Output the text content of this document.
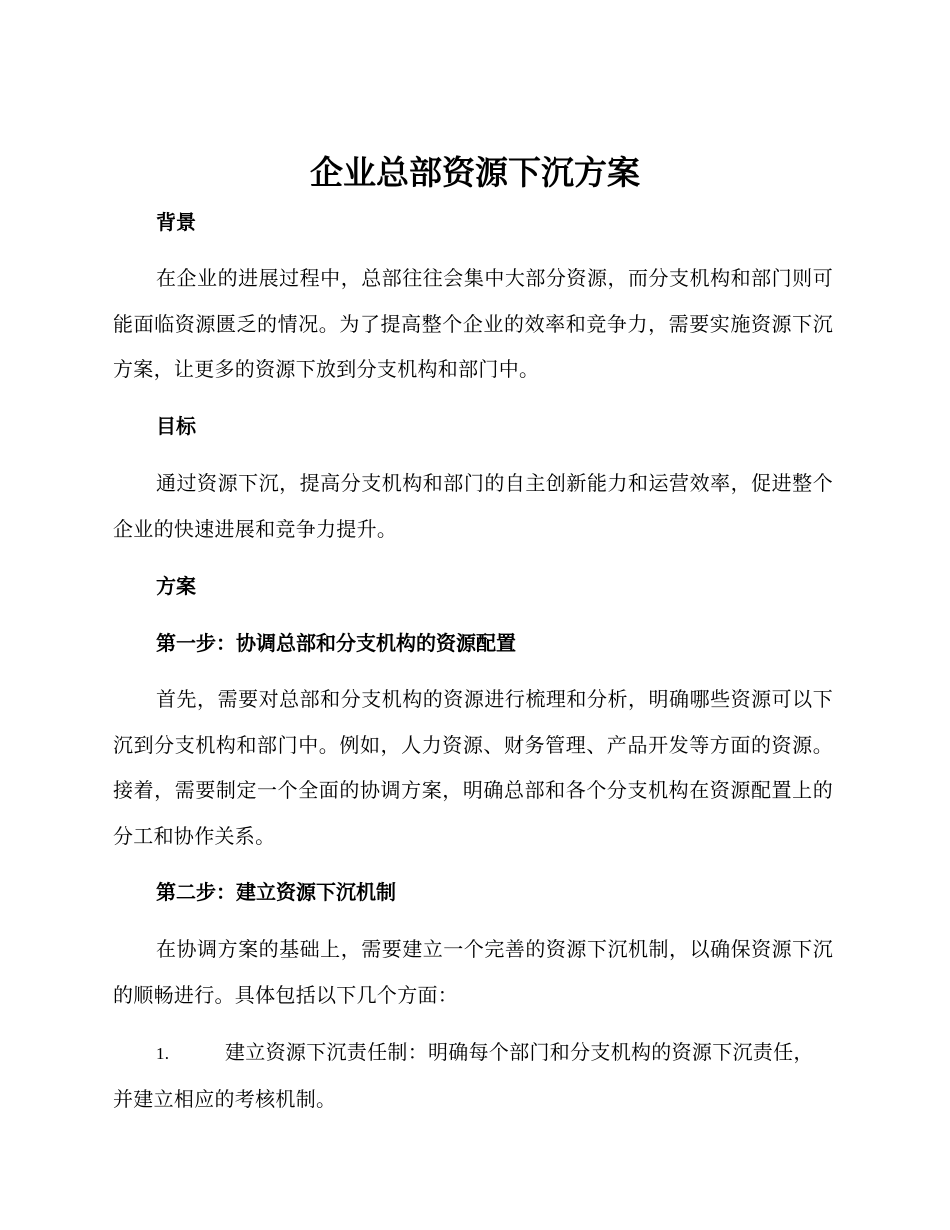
企业总部资源下沉方案
背景
在企业的进展过程中，总部往往会集中大部分资源，而分支机构和部门则可能面临资源匮乏的情况。为了提高整个企业的效率和竞争力，需要实施资源下沉方案，让更多的资源下放到分支机构和部门中。
目标
通过资源下沉，提高分支机构和部门的自主创新能力和运营效率，促进整个企业的快速进展和竞争力提升。
方案
第一步：协调总部和分支机构的资源配置
首先，需要对总部和分支机构的资源进行梳理和分析，明确哪些资源可以下沉到分支机构和部门中。例如，人力资源、财务管理、产品开发等方面的资源。接着，需要制定一个全面的协调方案，明确总部和各个分支机构在资源配置上的分工和协作关系。
第二步：建立资源下沉机制
在协调方案的基础上，需要建立一个完善的资源下沉机制，以确保资源下沉的顺畅进行。具体包括以下几个方面：
1.	建立资源下沉责任制：明确每个部门和分支机构的资源下沉责任，并建立相应的考核机制。
